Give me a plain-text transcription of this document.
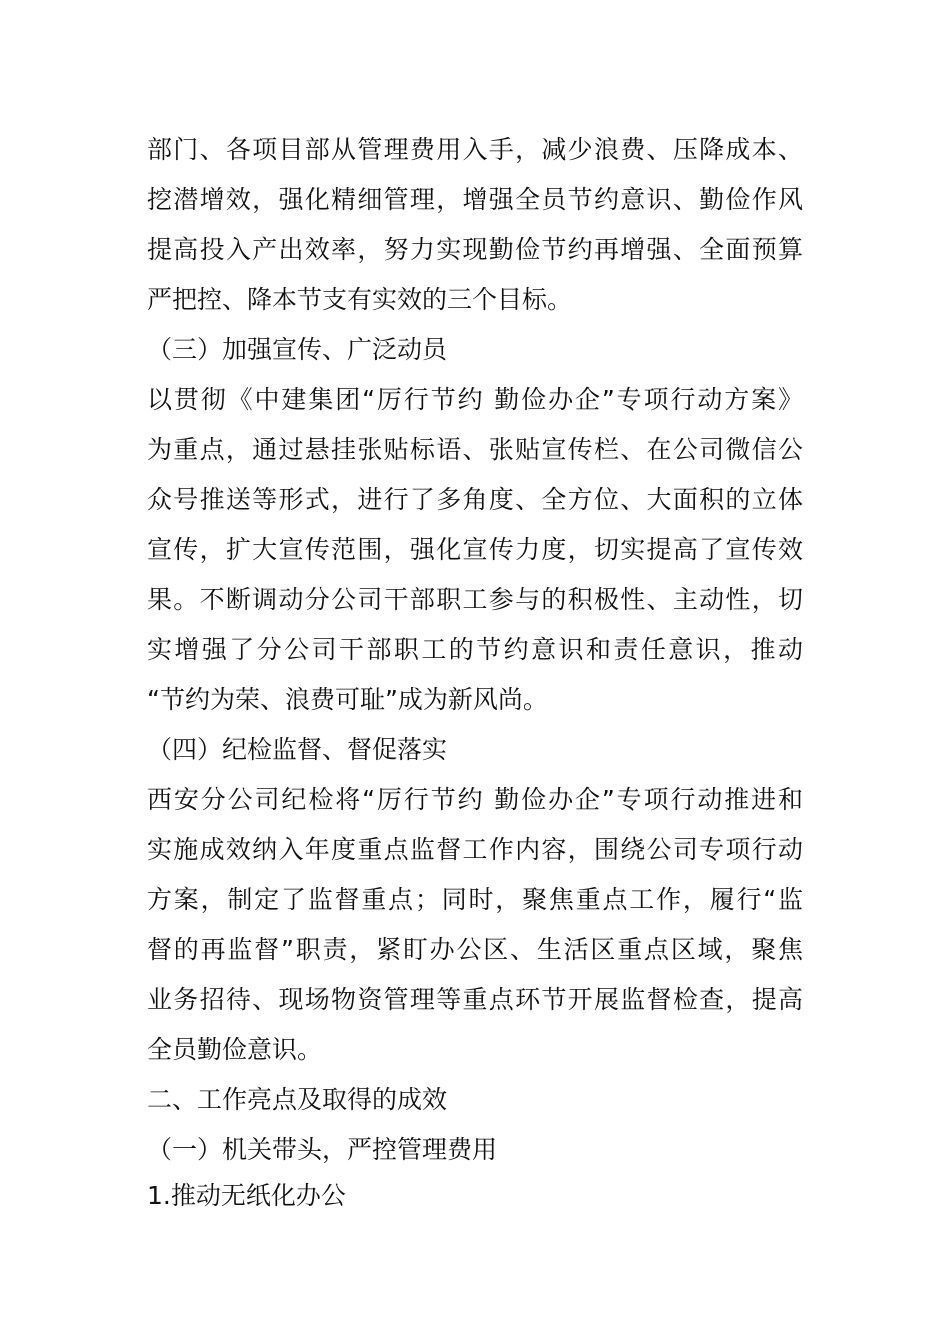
部门、各项目部从管理费用入手，减少浪费、压降成本、
挖潜增效，强化精细管理，增强全员节约意识、勤俭作风
提高投入产出效率，努力实现勤俭节约再增强、全面预算
严把控、降本节支有实效的三个目标。
（三）加强宣传、广泛动员
以贯彻《中建集团“厉行节约 勤俭办企”专项行动方案》
为重点，通过悬挂张贴标语、张贴宣传栏、在公司微信公
众号推送等形式，进行了多角度、全方位、大面积的立体
宣传，扩大宣传范围，强化宣传力度，切实提高了宣传效
果。不断调动分公司干部职工参与的积极性、主动性，切
实增强了分公司干部职工的节约意识和责任意识，推动
“节约为荣、浪费可耻”成为新风尚。
（四）纪检监督、督促落实
西安分公司纪检将“厉行节约 勤俭办企”专项行动推进和
实施成效纳入年度重点监督工作内容，围绕公司专项行动
方案，制定了监督重点；同时，聚焦重点工作，履行“监
督的再监督”职责，紧盯办公区、生活区重点区域，聚焦
业务招待、现场物资管理等重点环节开展监督检查，提高
全员勤俭意识。
二、工作亮点及取得的成效
（一）机关带头，严控管理费用
1.推动无纸化办公
